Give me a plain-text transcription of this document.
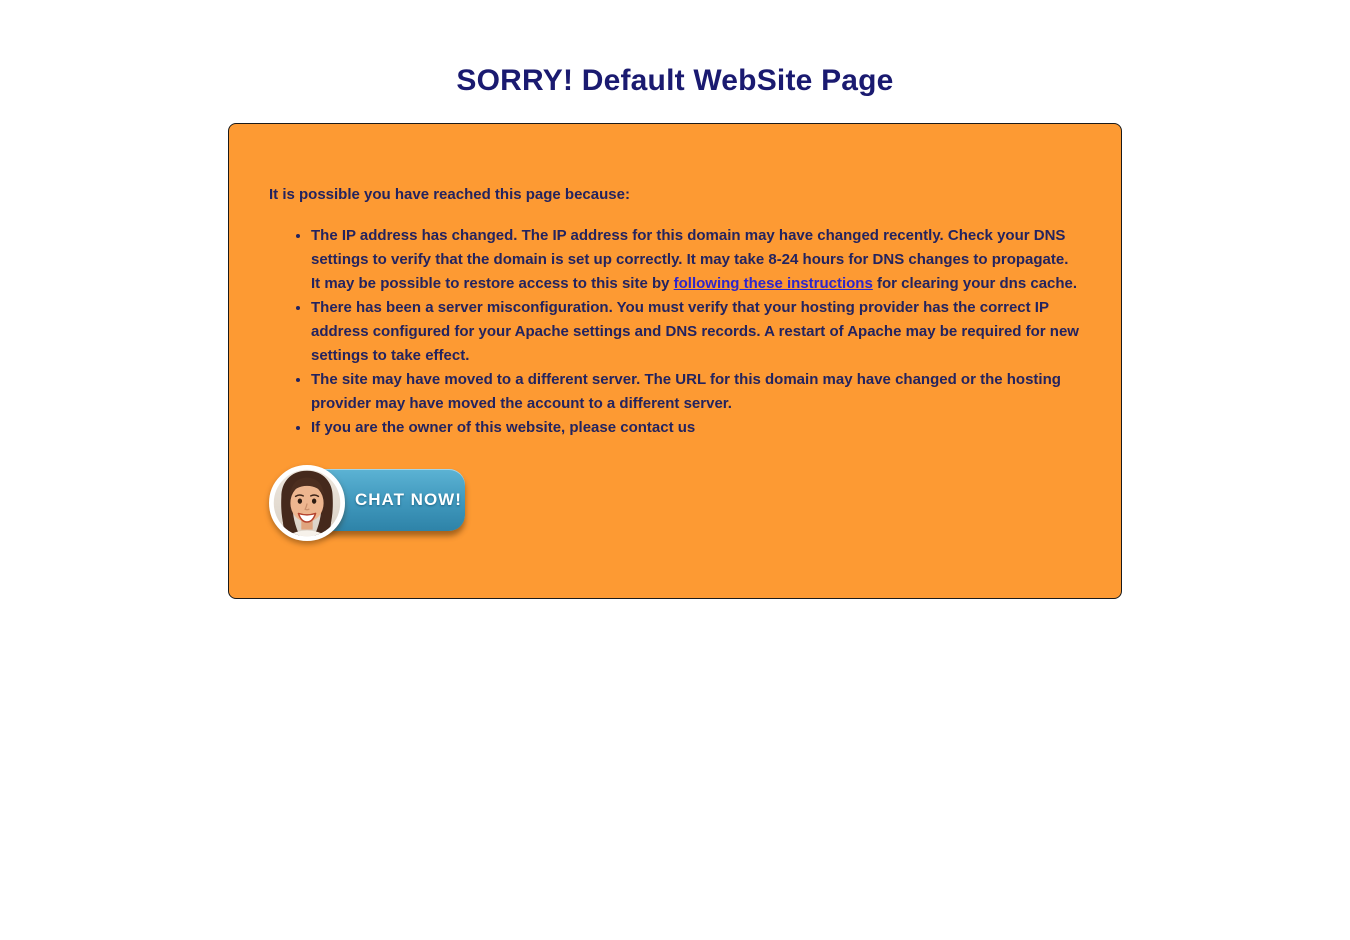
SORRY! Default WebSite Page
It is possible you have reached this page because:
• The IP address has changed. The IP address for this domain may have changed recently. Check your DNS settings to verify that the domain is set up correctly. It may take 8-24 hours for DNS changes to propagate. It may be possible to restore access to this site by following these instructions for clearing your dns cache.
• There has been a server misconfiguration. You must verify that your hosting provider has the correct IP address configured for your Apache settings and DNS records. A restart of Apache may be required for new settings to take effect.
• The site may have moved to a different server. The URL for this domain may have changed or the hosting provider may have moved the account to a different server.
• If you are the owner of this website, please contact us
CHAT NOW!
